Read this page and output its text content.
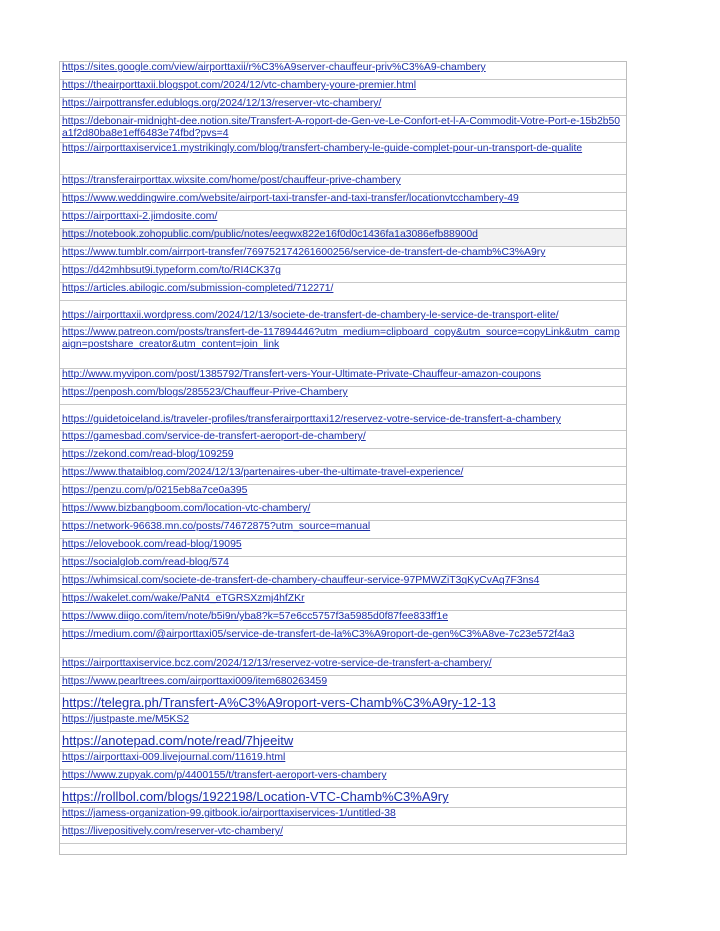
https://sites.google.com/view/airporttaxii/r%C3%A9server-chauffeur-priv%C3%A9-chambery
https://theairporttaxii.blogspot.com/2024/12/vtc-chambery-youre-premier.html
https://airpottransfer.edublogs.org/2024/12/13/reserver-vtc-chambery/
https://debonair-midnight-dee.notion.site/Transfert-A-roport-de-Gen-ve-Le-Confort-et-l-A-Commodit-Votre-Port-e-15b2b50a1f2d80ba8e1eff6483e74fbd?pvs=4
https://airporttaxiservice1.mystrikingly.com/blog/transfert-chambery-le-guide-complet-pour-un-transport-de-qualite
https://transferairporttax.wixsite.com/home/post/chauffeur-prive-chambery
https://www.weddingwire.com/website/airport-taxi-transfer-and-taxi-transfer/locationvtcchambery-49
https://airporttaxi-2.jimdosite.com/
https://notebook.zohopublic.com/public/notes/eegwx822e16f0d0c1436fa1a3086efb88900d
https://www.tumblr.com/airrport-transfer/769752174261600256/service-de-transfert-de-chamb%C3%A9ry
https://d42mhbsut9i.typeform.com/to/RI4CK37g
https://articles.abilogic.com/submission-completed/712271/
https://airporttaxii.wordpress.com/2024/12/13/societe-de-transfert-de-chambery-le-service-de-transport-elite/
https://www.patreon.com/posts/transfert-de-117894446?utm_medium=clipboard_copy&utm_source=copyLink&utm_campaign=postshare_creator&utm_content=join_link
http://www.myvipon.com/post/1385792/Transfert-vers-Your-Ultimate-Private-Chauffeur-amazon-coupons
https://penposh.com/blogs/285523/Chauffeur-Prive-Chambery
https://guidetoiceland.is/traveler-profiles/transferairporttaxi12/reservez-votre-service-de-transfert-a-chambery
https://gamesbad.com/service-de-transfert-aeroport-de-chambery/
https://zekond.com/read-blog/109259
https://www.thataiblog.com/2024/12/13/partenaires-uber-the-ultimate-travel-experience/
https://penzu.com/p/0215eb8a7ce0a395
https://www.bizbangboom.com/location-vtc-chambery/
https://network-96638.mn.co/posts/74672875?utm_source=manual
https://elovebook.com/read-blog/19095
https://socialglob.com/read-blog/574
https://whimsical.com/societe-de-transfert-de-chambery-chauffeur-service-97PMWZiT3qKyCvAq7F3ns4
https://wakelet.com/wake/PaNt4_eTGRSXzmj4hfZKr
https://www.diigo.com/item/note/b5i9n/yba8?k=57e6cc5757f3a5985d0f87fee833ff1e
https://medium.com/@airporttaxi05/service-de-transfert-de-la%C3%A9roport-de-gen%C3%A8ve-7c23e572f4a3
https://airporttaxiservice.bcz.com/2024/12/13/reservez-votre-service-de-transfert-a-chambery/
https://www.pearltrees.com/airporttaxi009/item680263459
https://telegra.ph/Transfert-A%C3%A9roport-vers-Chamb%C3%A9ry-12-13
https://justpaste.me/M5KS2
https://anotepad.com/note/read/7hjeeitw
https://airporttaxi-009.livejournal.com/11619.html
https://www.zupyak.com/p/4400155/t/transfert-aeroport-vers-chambery
https://rollbol.com/blogs/1922198/Location-VTC-Chamb%C3%A9ry
https://jamess-organization-99.gitbook.io/airporttaxiservices-1/untitled-38
https://livepositively.com/reserver-vtc-chambery/
